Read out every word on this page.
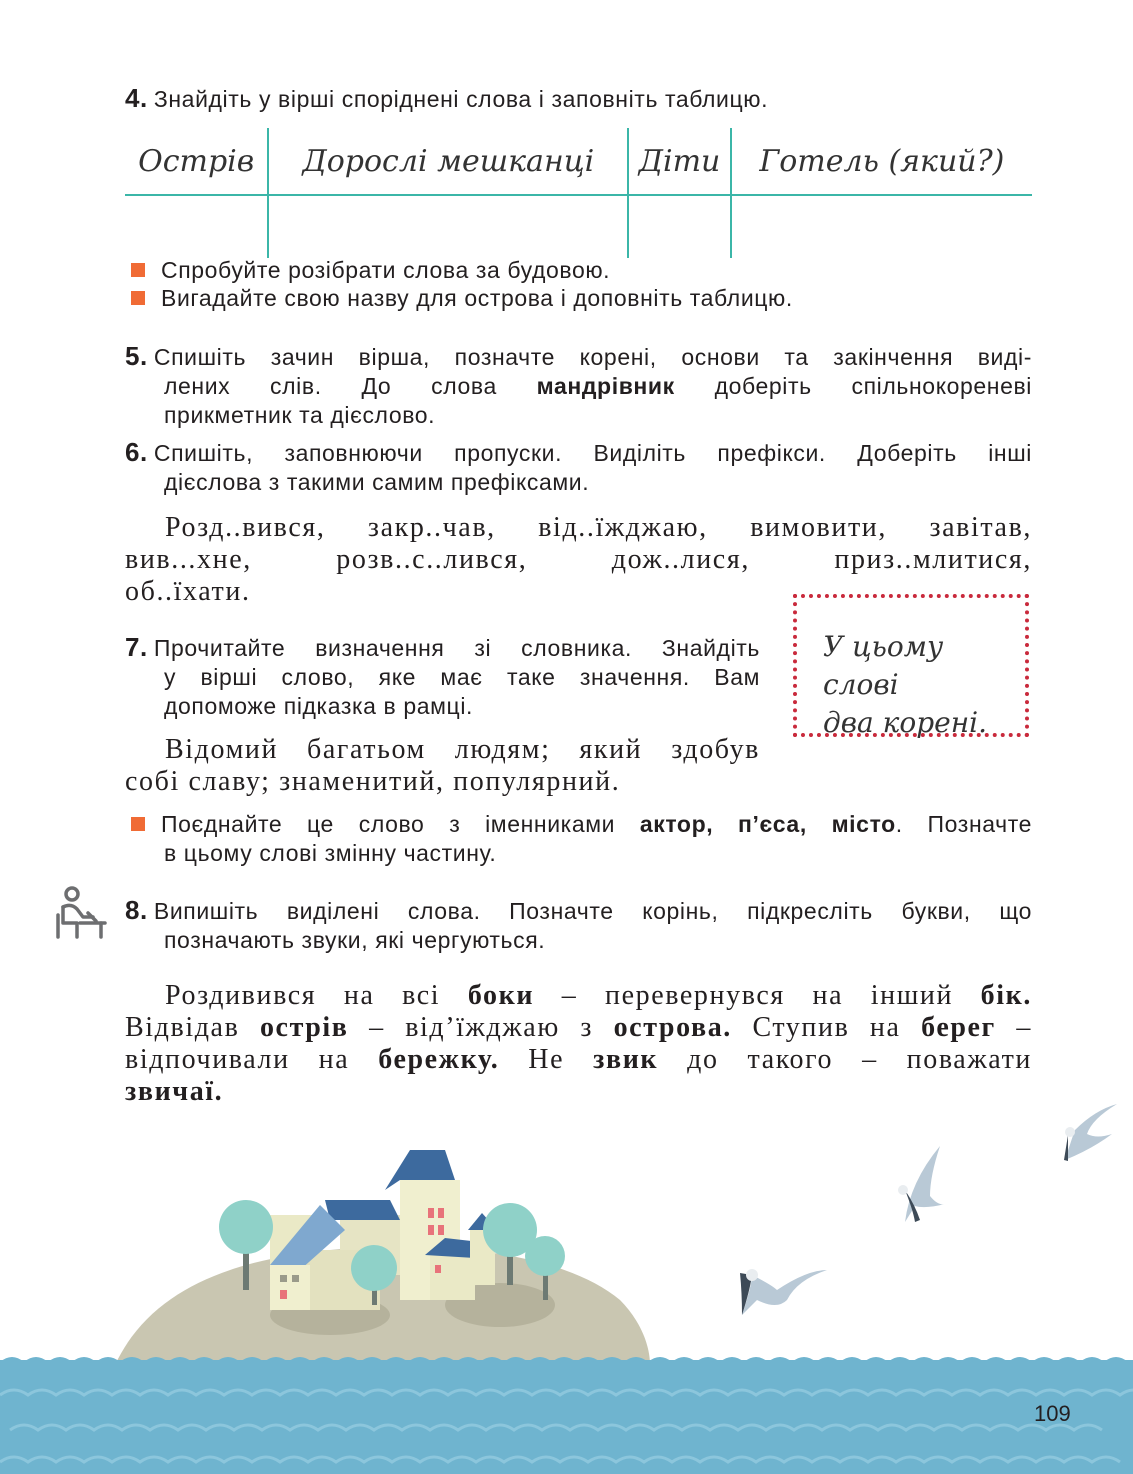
4. Знайдіть у вірші споріднені слова і заповніть таблицю.
Острів	Дорослі мешканці	Діти	Готель (який?)

Спробуйте розібрати слова за будовою.
Вигадайте свою назву для острова і доповніть таблицю.
5. Спишіть зачин вірша, позначте корені, основи та закінчення виді-
лених слів. До слова мандрівник доберіть спільнокореневі
прикметник та дієслово.
6. Спишіть, заповнюючи пропуски. Виділіть префікси. Доберіть інші
дієслова з такими самим префіксами.
Розд..вився, закр..чав, від..їжджаю, вимовити, завітав,
вив...хне, розв..с..лився, дож..лися, приз..млитися,
об..їхати.
У цьому слові
два корені.
7. Прочитайте визначення зі словника. Знайдіть
у вірші слово, яке має таке значення. Вам
допоможе підказка в рамці.
Відомий багатьом людям; який здобув
собі славу; знаменитий, популярний.
Поєднайте це слово з іменниками актор, п’єса, місто. Позначте
в цьому слові змінну частину.
8. Випишіть виділені слова. Позначте корінь, підкресліть букви, що
позначають звуки, які чергуються.
Роздивився на всі боки – перевернувся на інший бік.
Відвідав острів – від’їжджаю з острова. Ступив на берег –
відпочивали на бережку. Не звик до такого – поважати
звичаї.
109
